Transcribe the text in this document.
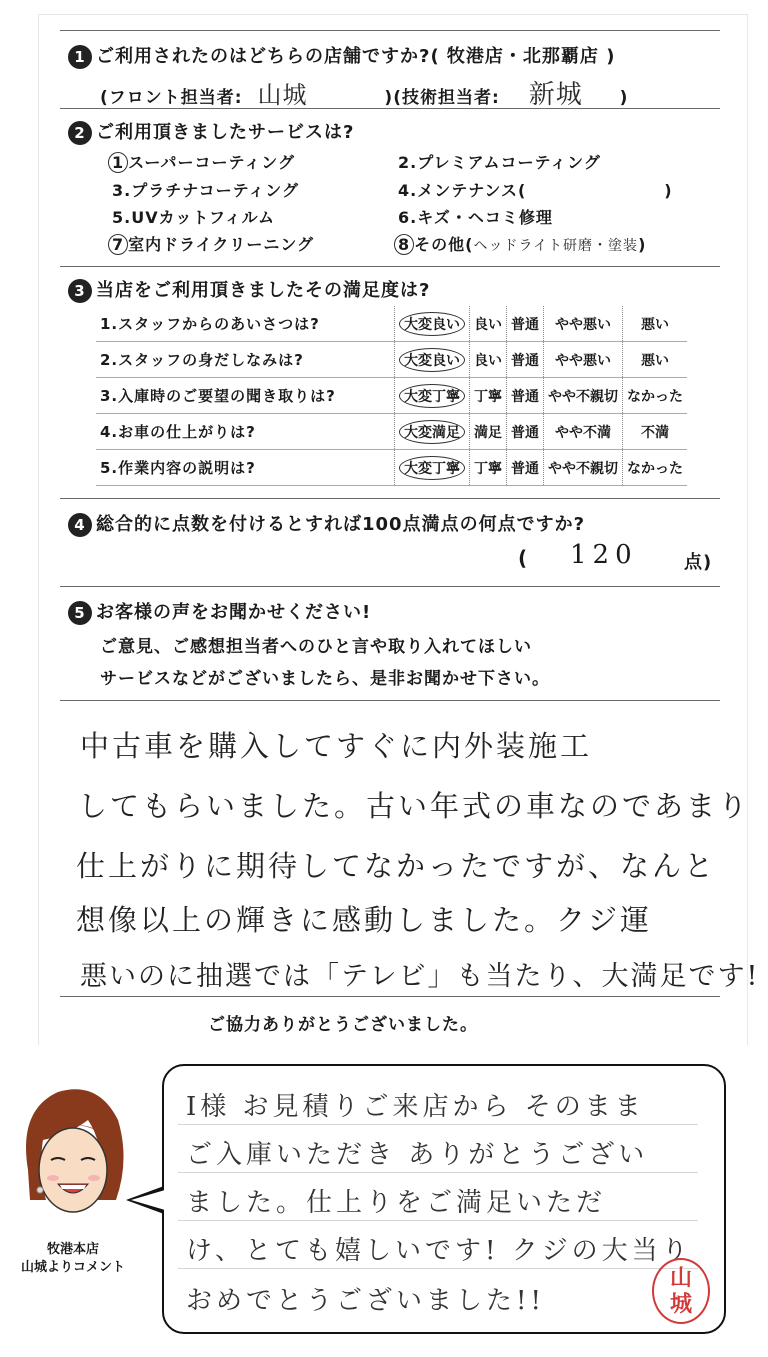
1 ご利用されたのはどちらの店舗ですか?( 牧港店・北那覇店 )
(フロント担当者: 山城	)(技術担当者: 新城 )
2 ご利用頂きましたサービスは?
1 スーパーコーティング	2.プレミアムコーティング
3.プラチナコーティング	4.メンテナンス(                     )
5.UVカットフィルム	6.キズ・ヘコミ修理
7 室内ドライクリーニング	8 その他(ヘッドライト研磨・塗装)
3 当店をご利用頂きましたその満足度は?
1.スタッフからのあいさつは?	大変良い	良い	普通	やや悪い	悪い
2.スタッフの身だしなみは?	大変良い	良い	普通	やや悪い	悪い
3.入庫時のご要望の聞き取りは?	大変丁寧	丁寧	普通	やや不親切	なかった
4.お車の仕上がりは?	大変満足	満足	普通	やや不満	不満
5.作業内容の説明は?	大変丁寧	丁寧	普通	やや不親切	なかった
4 総合的に点数を付けるとすれば100点満点の何点ですか?
( 120	点)
5 お客様の声をお聞かせください!
ご意見、ご感想担当者へのひと言や取り入れてほしい
サービスなどがございましたら、是非お聞かせ下さい。
中古車を購入してすぐに内外装施工
してもらいました。古い年式の車なのであまり
仕上がりに期待してなかったですが、なんと
想像以上の輝きに感動しました。クジ運
悪いのに抽選では「テレビ」も当たり、大満足です!
ご協力ありがとうございました。
牧港本店
山城よりコメント
I様 お見積りご来店から そのまま
ご入庫いただき ありがとうござい
ました。仕上りをご満足いただ
け、とても嬉しいです! クジの大当り
おめでとうございました!!
山城
